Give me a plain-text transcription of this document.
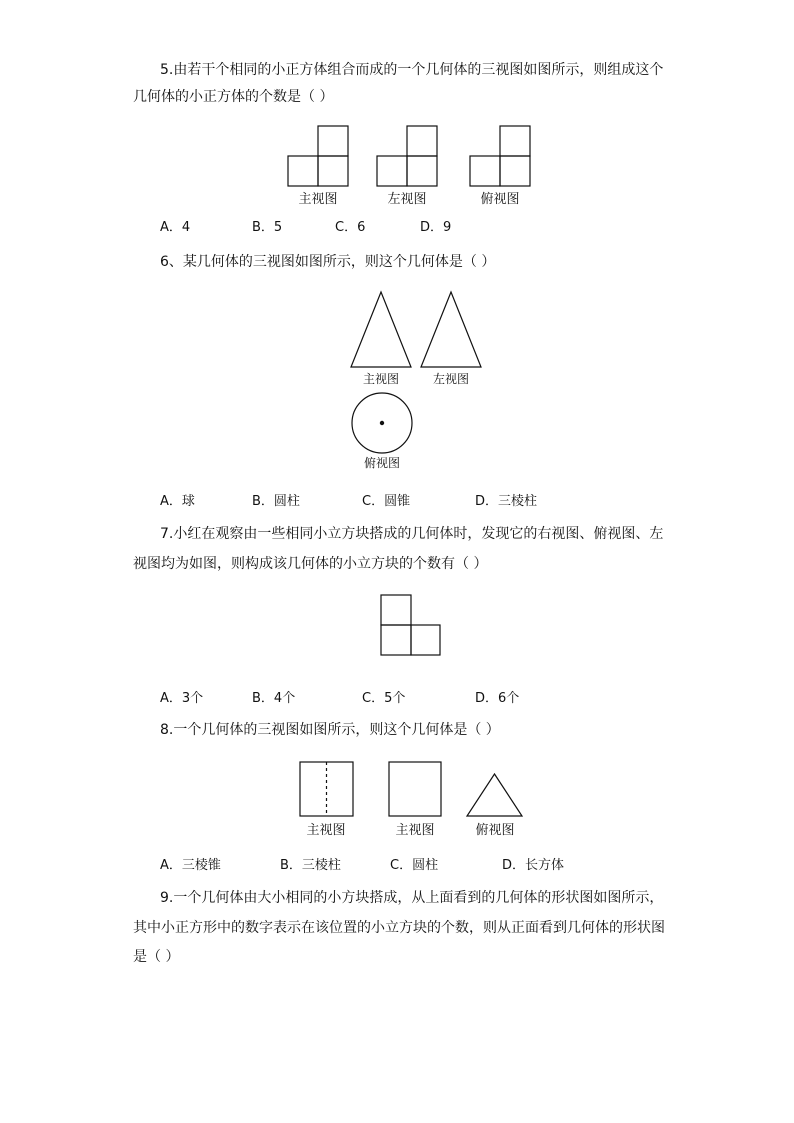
5.由若干个相同的小正方体组合而成的一个几何体的三视图如图所示，则组成这个
几何体的小正方体的个数是（ ）
主视图	左视图	俯视图
A．4	B．5	C．6	D．9
6、某几何体的三视图如图所示，则这个几何体是（ ）
主视图	左视图
俯视图
A．球	B．圆柱	C．圆锥	D．三棱柱
7.小红在观察由一些相同小立方块搭成的几何体时，发现它的右视图、俯视图、左
视图均为如图，则构成该几何体的小立方块的个数有（ ）
A．3个	B．4个	C．5个	D．6个
8.一个几何体的三视图如图所示，则这个几何体是（ ）
主视图	主视图	俯视图
A．三棱锥	B．三棱柱	C．圆柱	D．长方体
9.一个几何体由大小相同的小方块搭成，从上面看到的几何体的形状图如图所示，
其中小正方形中的数字表示在该位置的小立方块的个数，则从正面看到几何体的形状图
是（ ）
